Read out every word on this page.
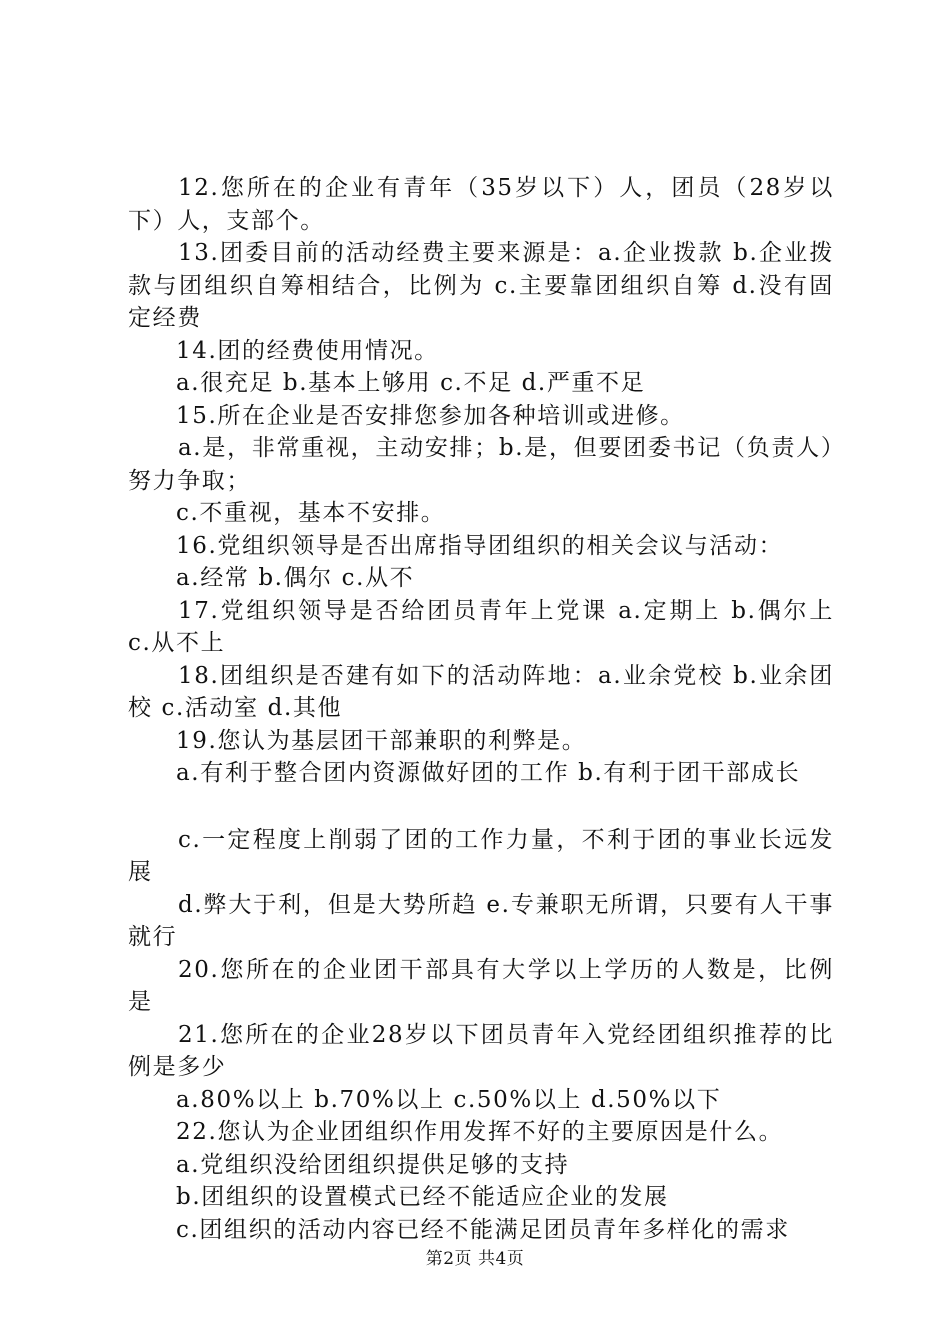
12.您所在的企业有青年（35岁以下）人，团员（28岁以下）人，支部个。

13.团委目前的活动经费主要来源是：a.企业拨款 b.企业拨款与团组织自筹相结合，比例为 c.主要靠团组织自筹 d.没有固定经费

14.团的经费使用情况。

a.很充足 b.基本上够用 c.不足 d.严重不足

15.所在企业是否安排您参加各种培训或进修。

a.是，非常重视，主动安排；b.是，但要团委书记（负责人）努力争取；

c.不重视，基本不安排。

16.党组织领导是否出席指导团组织的相关会议与活动：

a.经常 b.偶尔 c.从不

17.党组织领导是否给团员青年上党课 a.定期上 b.偶尔上 c.从不上

18.团组织是否建有如下的活动阵地：a.业余党校 b.业余团校 c.活动室 d.其他

19.您认为基层团干部兼职的利弊是。

a.有利于整合团内资源做好团的工作 b.有利于团干部成长

c.一定程度上削弱了团的工作力量，不利于团的事业长远发展

d.弊大于利，但是大势所趋 e.专兼职无所谓，只要有人干事就行

20.您所在的企业团干部具有大学以上学历的人数是，比例是

21.您所在的企业28岁以下团员青年入党经团组织推荐的比例是多少

a.80%以上 b.70%以上 c.50%以上 d.50%以下

22.您认为企业团组织作用发挥不好的主要原因是什么。

a.党组织没给团组织提供足够的支持

b.团组织的设置模式已经不能适应企业的发展

c.团组织的活动内容已经不能满足团员青年多样化的需求

第2页 共4页
